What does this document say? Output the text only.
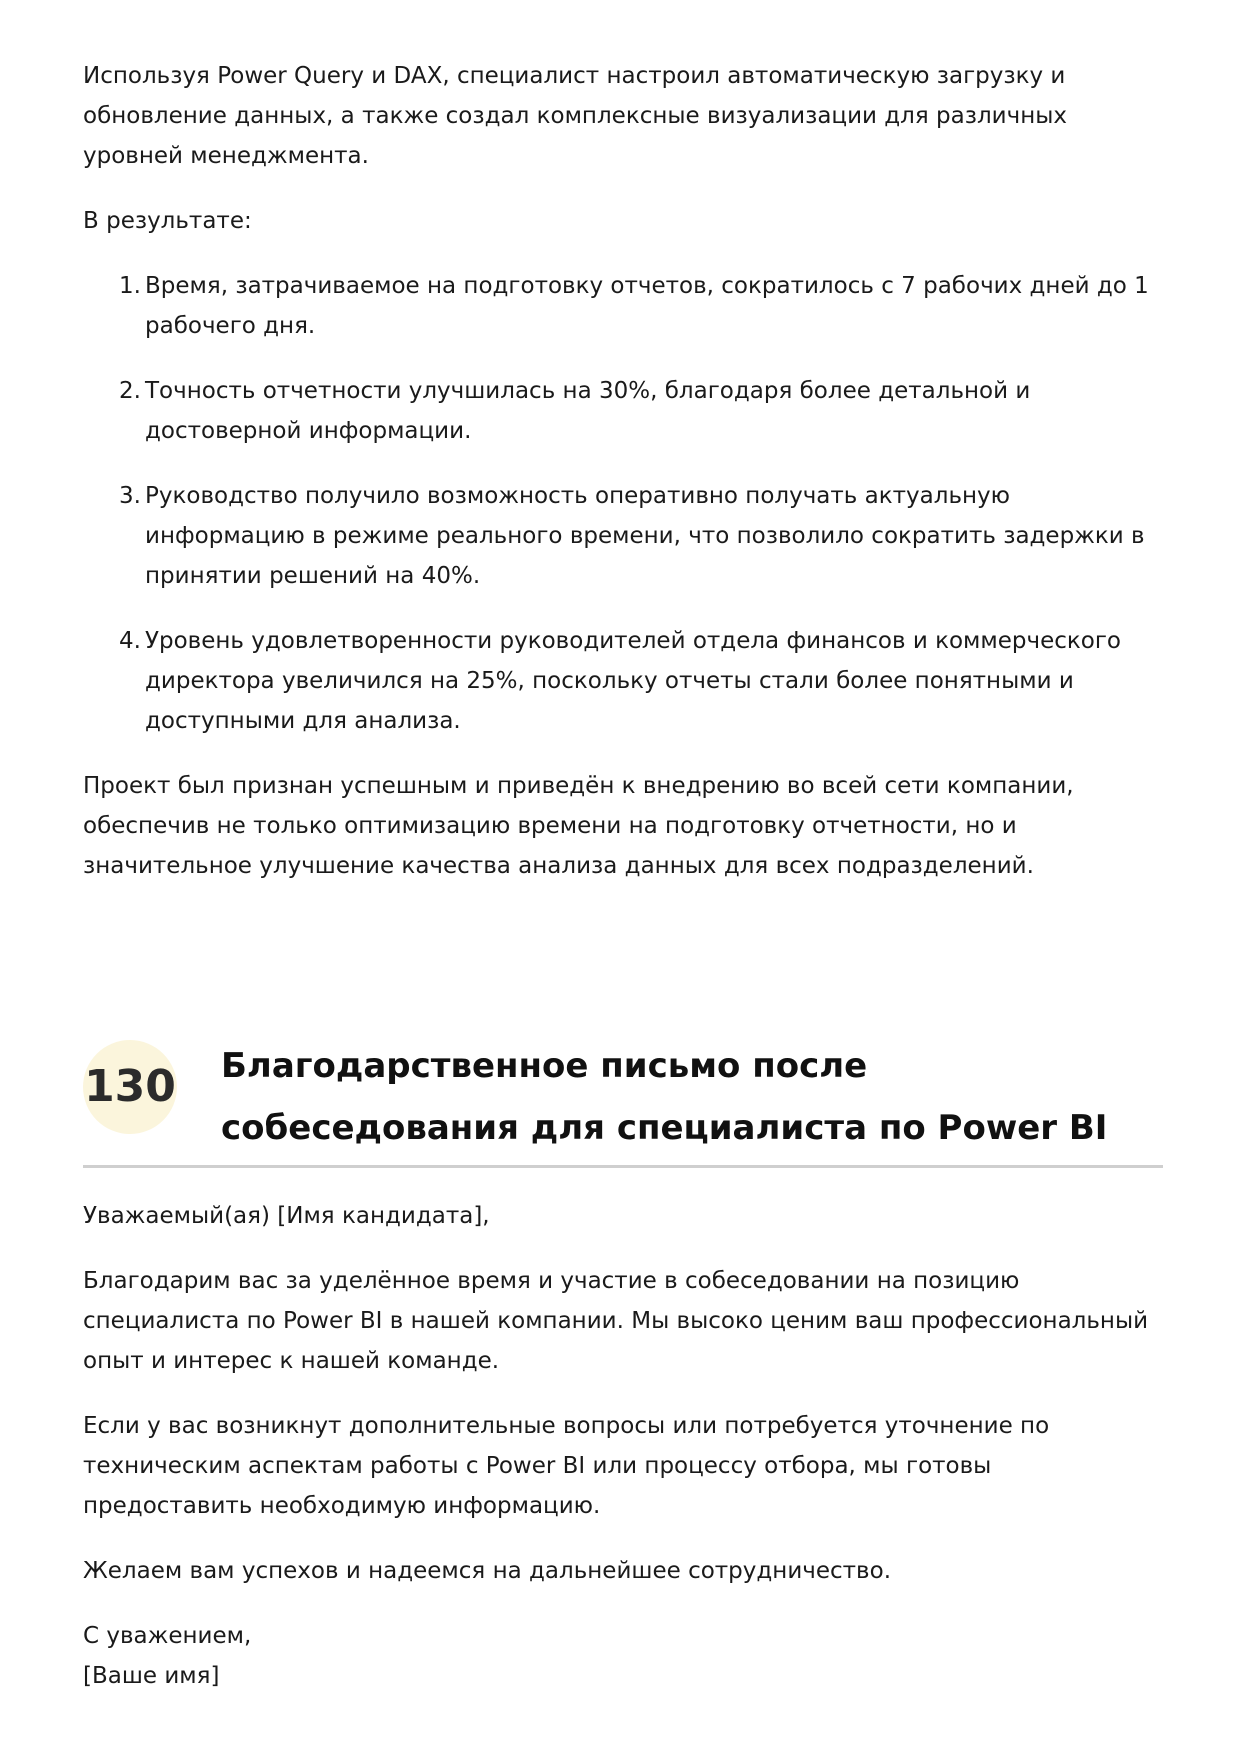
Используя Power Query и DAX, специалист настроил автоматическую загрузку и обновление данных, а также создал комплексные визуализации для различных уровней менеджмента.

В результате:

1. Время, затрачиваемое на подготовку отчетов, сократилось с 7 рабочих дней до 1 рабочего дня.
2. Точность отчетности улучшилась на 30%, благодаря более детальной и достоверной информации.
3. Руководство получило возможность оперативно получать актуальную информацию в режиме реального времени, что позволило сократить задержки в принятии решений на 40%.
4. Уровень удовлетворенности руководителей отдела финансов и коммерческого директора увеличился на 25%, поскольку отчеты стали более понятными и доступными для анализа.

Проект был признан успешным и приведён к внедрению во всей сети компании, обеспечив не только оптимизацию времени на подготовку отчетности, но и значительное улучшение качества анализа данных для всех подразделений.

130 Благодарственное письмо после собеседования для специалиста по Power BI

Уважаемый(ая) [Имя кандидата],

Благодарим вас за уделённое время и участие в собеседовании на позицию специалиста по Power BI в нашей компании. Мы высоко ценим ваш профессиональный опыт и интерес к нашей команде.

Если у вас возникнут дополнительные вопросы или потребуется уточнение по техническим аспектам работы с Power BI или процессу отбора, мы готовы предоставить необходимую информацию.

Желаем вам успехов и надеемся на дальнейшее сотрудничество.

С уважением,

[Ваше имя]
